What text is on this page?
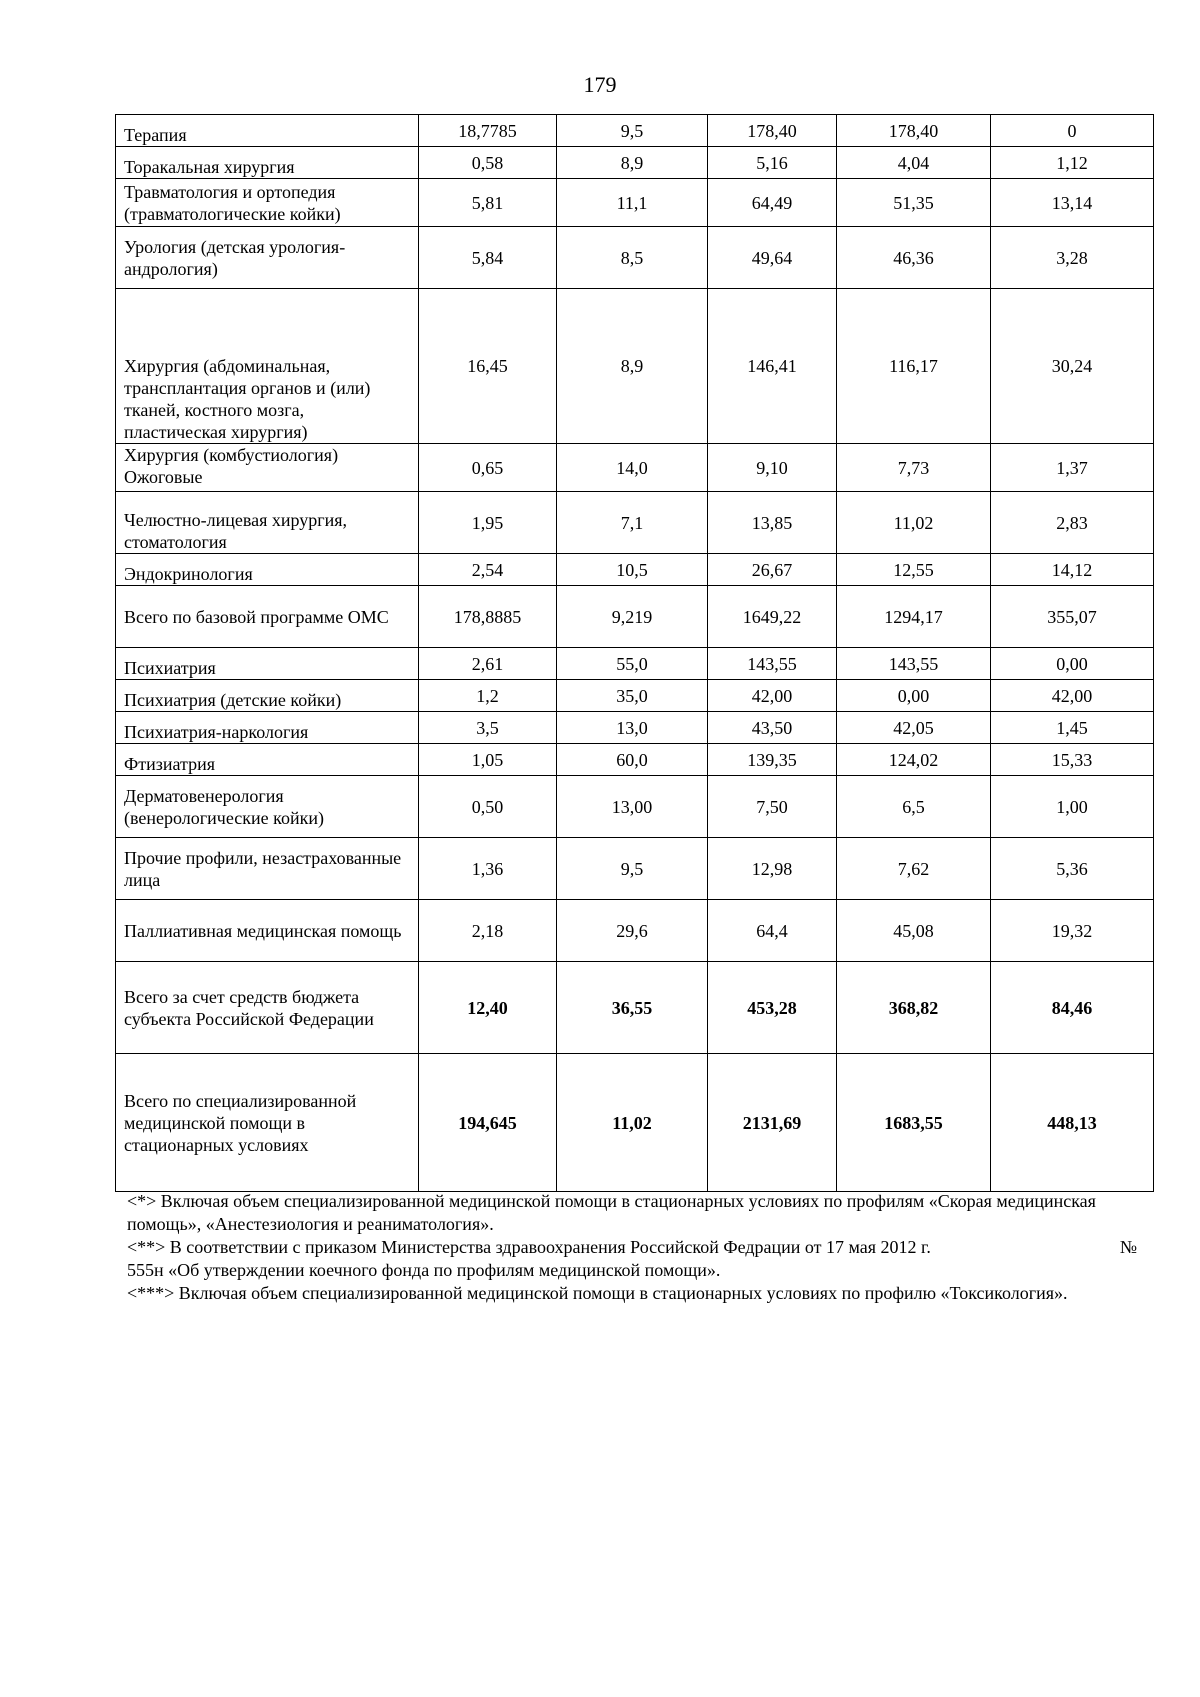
179
Терапия	18,7785	9,5	178,40	178,40	0
Торакальная хирургия	0,58	8,9	5,16	4,04	1,12
Травматология и ортопедия (травматологические койки)	5,81	11,1	64,49	51,35	13,14
Урология (детская урология-андрология)	5,84	8,5	49,64	46,36	3,28
Хирургия (абдоминальная, трансплантация органов и (или) тканей, костного мозга, пластическая хирургия)	16,45	8,9	146,41	116,17	30,24
Хирургия (комбустиология) Ожоговые	0,65	14,0	9,10	7,73	1,37
Челюстно-лицевая хирургия, стоматология	1,95	7,1	13,85	11,02	2,83
Эндокринология	2,54	10,5	26,67	12,55	14,12
Всего по базовой программе ОМС	178,8885	9,219	1649,22	1294,17	355,07
Психиатрия	2,61	55,0	143,55	143,55	0,00
Психиатрия (детские койки)	1,2	35,0	42,00	0,00	42,00
Психиатрия-наркология	3,5	13,0	43,50	42,05	1,45
Фтизиатрия	1,05	60,0	139,35	124,02	15,33
Дерматовенерология (венерологические койки)	0,50	13,00	7,50	6,5	1,00
Прочие профили, незастрахованные лица	1,36	9,5	12,98	7,62	5,36
Паллиативная медицинская помощь	2,18	29,6	64,4	45,08	19,32
Всего за счет средств бюджета субъекта Российской Федерации	12,40	36,55	453,28	368,82	84,46
Всего по специализированной медицинской помощи в стационарных условиях	194,645	11,02	2131,69	1683,55	448,13

<*> Включая объем специализированной медицинской помощи в стационарных условиях по профилям «Скорая медицинская помощь», «Анестезиология и реаниматология».

<**> В соответствии с приказом Министерства здравоохранения Российской Федрации от 17 мая 2012 г.	№

555н «Об утверждении коечного фонда по профилям медицинской помощи».

<***> Включая объем специализированной медицинской помощи в стационарных условиях по профилю «Токсикология».
